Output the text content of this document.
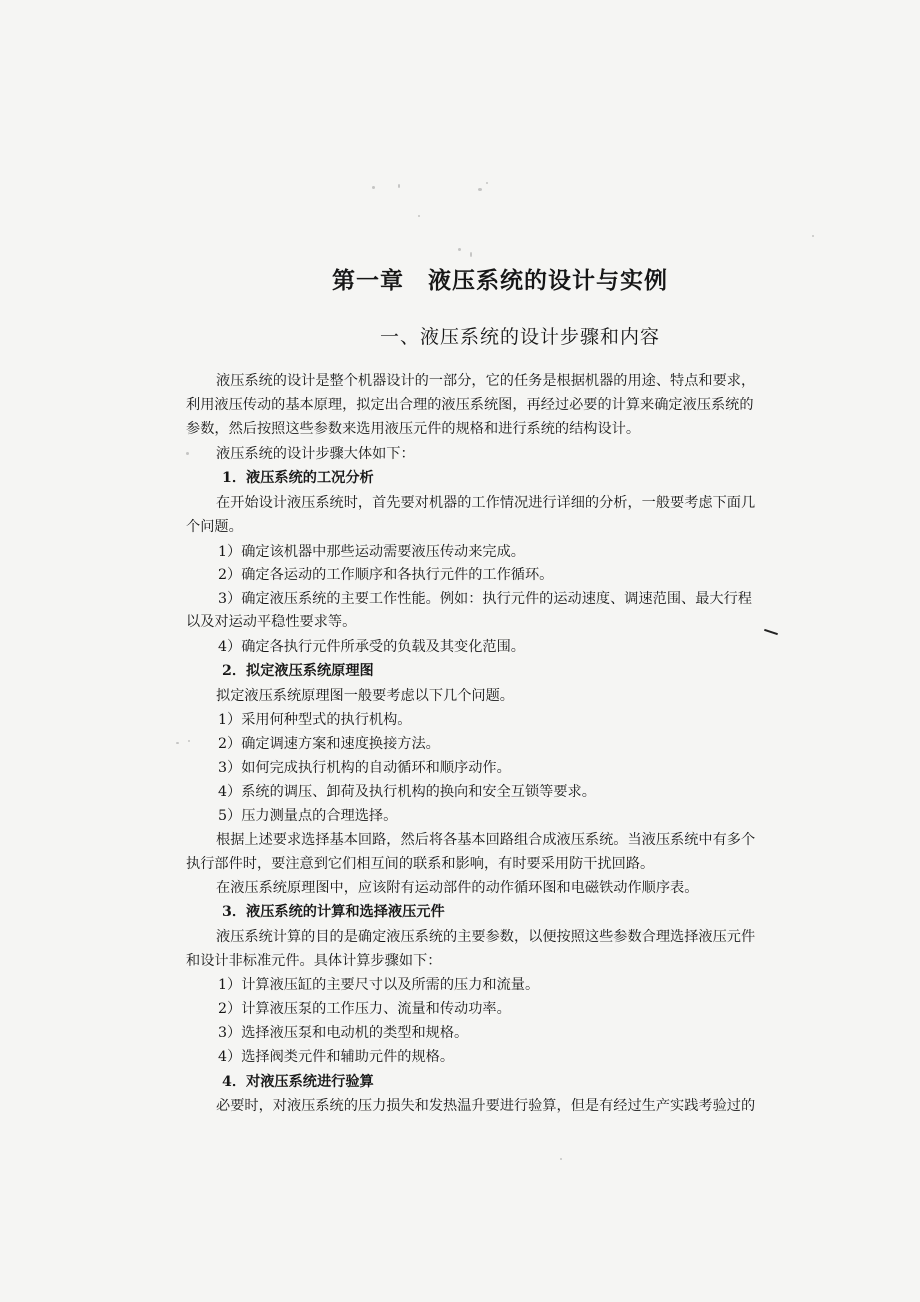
第一章　液压系统的设计与实例
一、液压系统的设计步骤和内容
液压系统的设计是整个机器设计的一部分，它的任务是根据机器的用途、特点和要求，
利用液压传动的基本原理，拟定出合理的液压系统图，再经过必要的计算来确定液压系统的
参数，然后按照这些参数来选用液压元件的规格和进行系统的结构设计。
液压系统的设计步骤大体如下：
1．液压系统的工况分析
在开始设计液压系统时，首先要对机器的工作情况进行详细的分析，一般要考虑下面几
个问题。
1）确定该机器中那些运动需要液压传动来完成。
2）确定各运动的工作顺序和各执行元件的工作循环。
3）确定液压系统的主要工作性能。例如：执行元件的运动速度、调速范围、最大行程
以及对运动平稳性要求等。
4）确定各执行元件所承受的负载及其变化范围。
2．拟定液压系统原理图
拟定液压系统原理图一般要考虑以下几个问题。
1）采用何种型式的执行机构。
2）确定调速方案和速度换接方法。
3）如何完成执行机构的自动循环和顺序动作。
4）系统的调压、卸荷及执行机构的换向和安全互锁等要求。
5）压力测量点的合理选择。
根据上述要求选择基本回路，然后将各基本回路组合成液压系统。当液压系统中有多个
执行部件时，要注意到它们相互间的联系和影响，有时要采用防干扰回路。
在液压系统原理图中，应该附有运动部件的动作循环图和电磁铁动作顺序表。
3．液压系统的计算和选择液压元件
液压系统计算的目的是确定液压系统的主要参数，以便按照这些参数合理选择液压元件
和设计非标准元件。具体计算步骤如下：
1）计算液压缸的主要尺寸以及所需的压力和流量。
2）计算液压泵的工作压力、流量和传动功率。
3）选择液压泵和电动机的类型和规格。
4）选择阀类元件和辅助元件的规格。
4．对液压系统进行验算
必要时，对液压系统的压力损失和发热温升要进行验算，但是有经过生产实践考验过的
